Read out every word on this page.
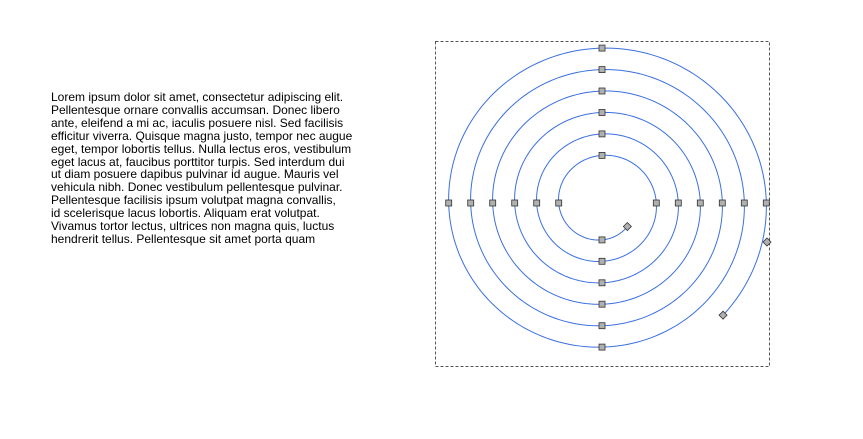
Lorem ipsum dolor sit amet, consectetur adipiscing elit.
Pellentesque ornare convallis accumsan. Donec libero
ante, eleifend a mi ac, iaculis posuere nisl. Sed facilisis
efficitur viverra. Quisque magna justo, tempor nec augue
eget, tempor lobortis tellus. Nulla lectus eros, vestibulum
eget lacus at, faucibus porttitor turpis. Sed interdum dui
ut diam posuere dapibus pulvinar id augue. Mauris vel
vehicula nibh. Donec vestibulum pellentesque pulvinar.
Pellentesque facilisis ipsum volutpat magna convallis,
id scelerisque lacus lobortis. Aliquam erat volutpat.
Vivamus tortor lectus, ultrices non magna quis, luctus
hendrerit tellus. Pellentesque sit amet porta quam
